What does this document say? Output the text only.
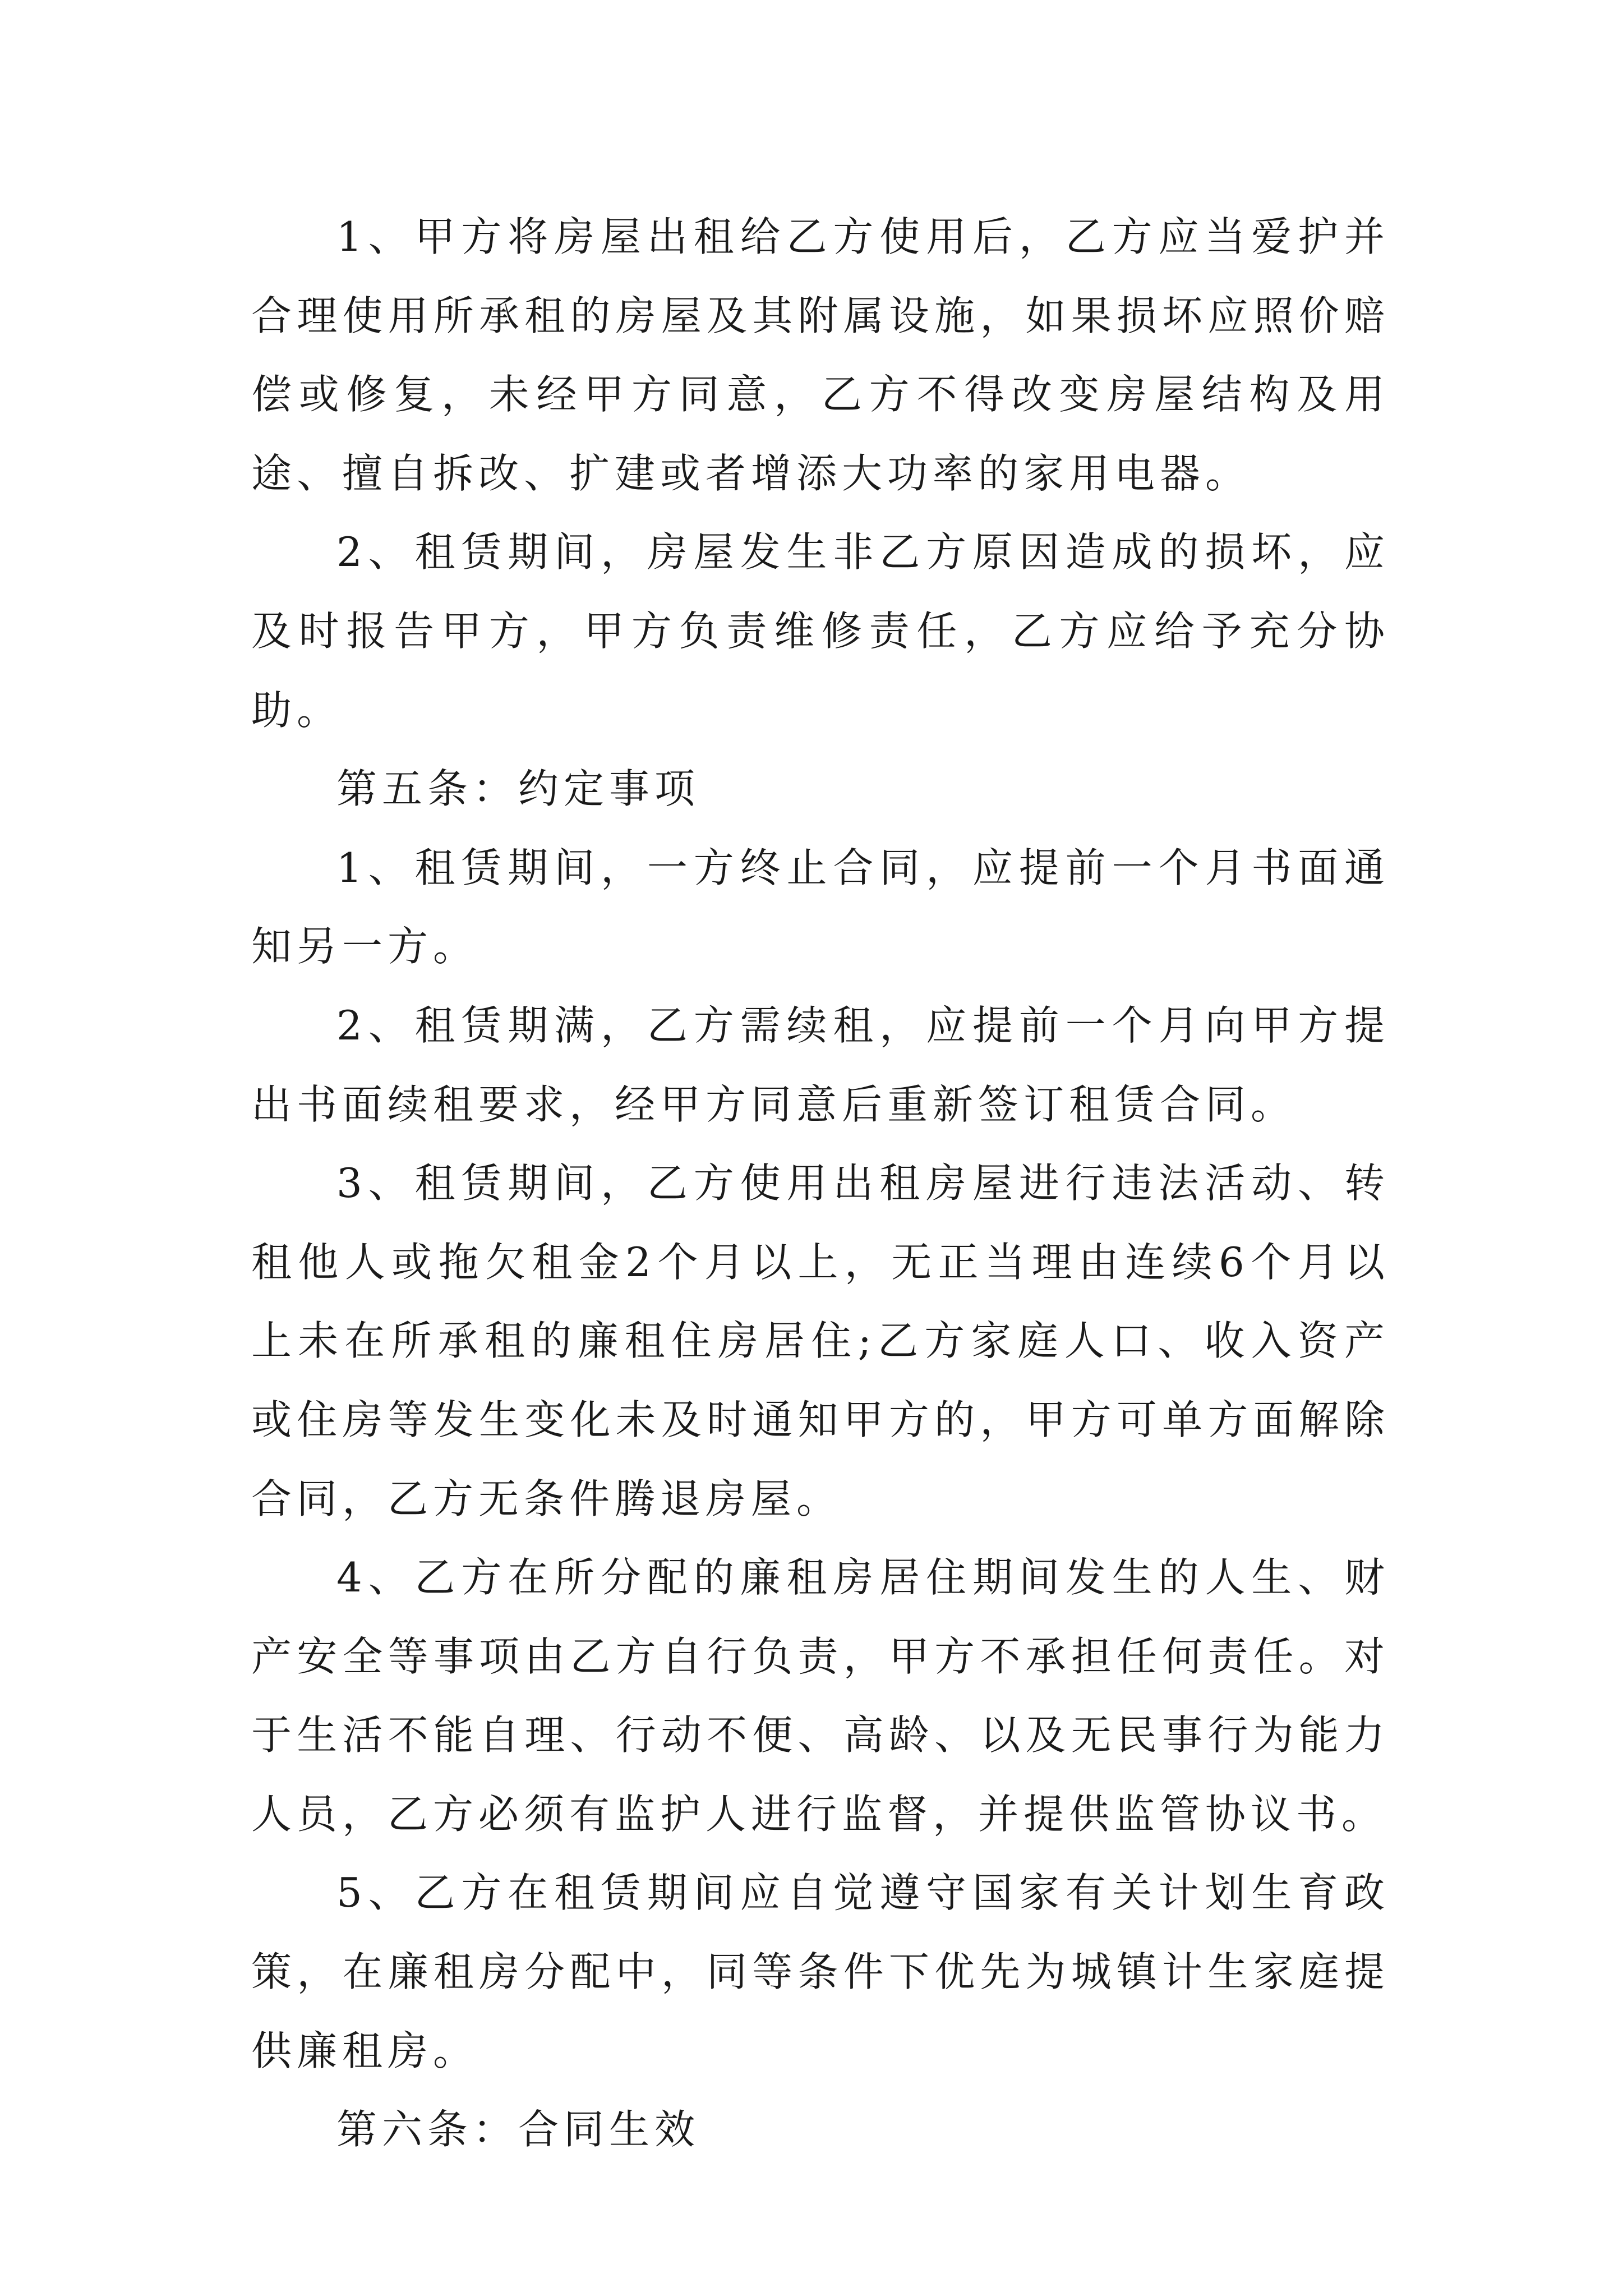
1、甲方将房屋出租给乙方使用后，乙方应当爱护并合理使用所承租的房屋及其附属设施，如果损坏应照价赔偿或修复，未经甲方同意，乙方不得改变房屋结构及用途、擅自拆改、扩建或者增添大功率的家用电器。

2、租赁期间，房屋发生非乙方原因造成的损坏，应及时报告甲方，甲方负责维修责任，乙方应给予充分协助。

第五条：约定事项

1、租赁期间，一方终止合同，应提前一个月书面通知另一方。

2、租赁期满，乙方需续租，应提前一个月向甲方提出书面续租要求，经甲方同意后重新签订租赁合同。

3、租赁期间，乙方使用出租房屋进行违法活动、转租他人或拖欠租金2个月以上，无正当理由连续6个月以上未在所承租的廉租住房居住;乙方家庭人口、收入资产或住房等发生变化未及时通知甲方的，甲方可单方面解除合同，乙方无条件腾退房屋。

4、乙方在所分配的廉租房居住期间发生的人生、财产安全等事项由乙方自行负责，甲方不承担任何责任。对于生活不能自理、行动不便、高龄、以及无民事行为能力人员，乙方必须有监护人进行监督，并提供监管协议书。

5、乙方在租赁期间应自觉遵守国家有关计划生育政策，在廉租房分配中，同等条件下优先为城镇计生家庭提供廉租房。

第六条：合同生效
